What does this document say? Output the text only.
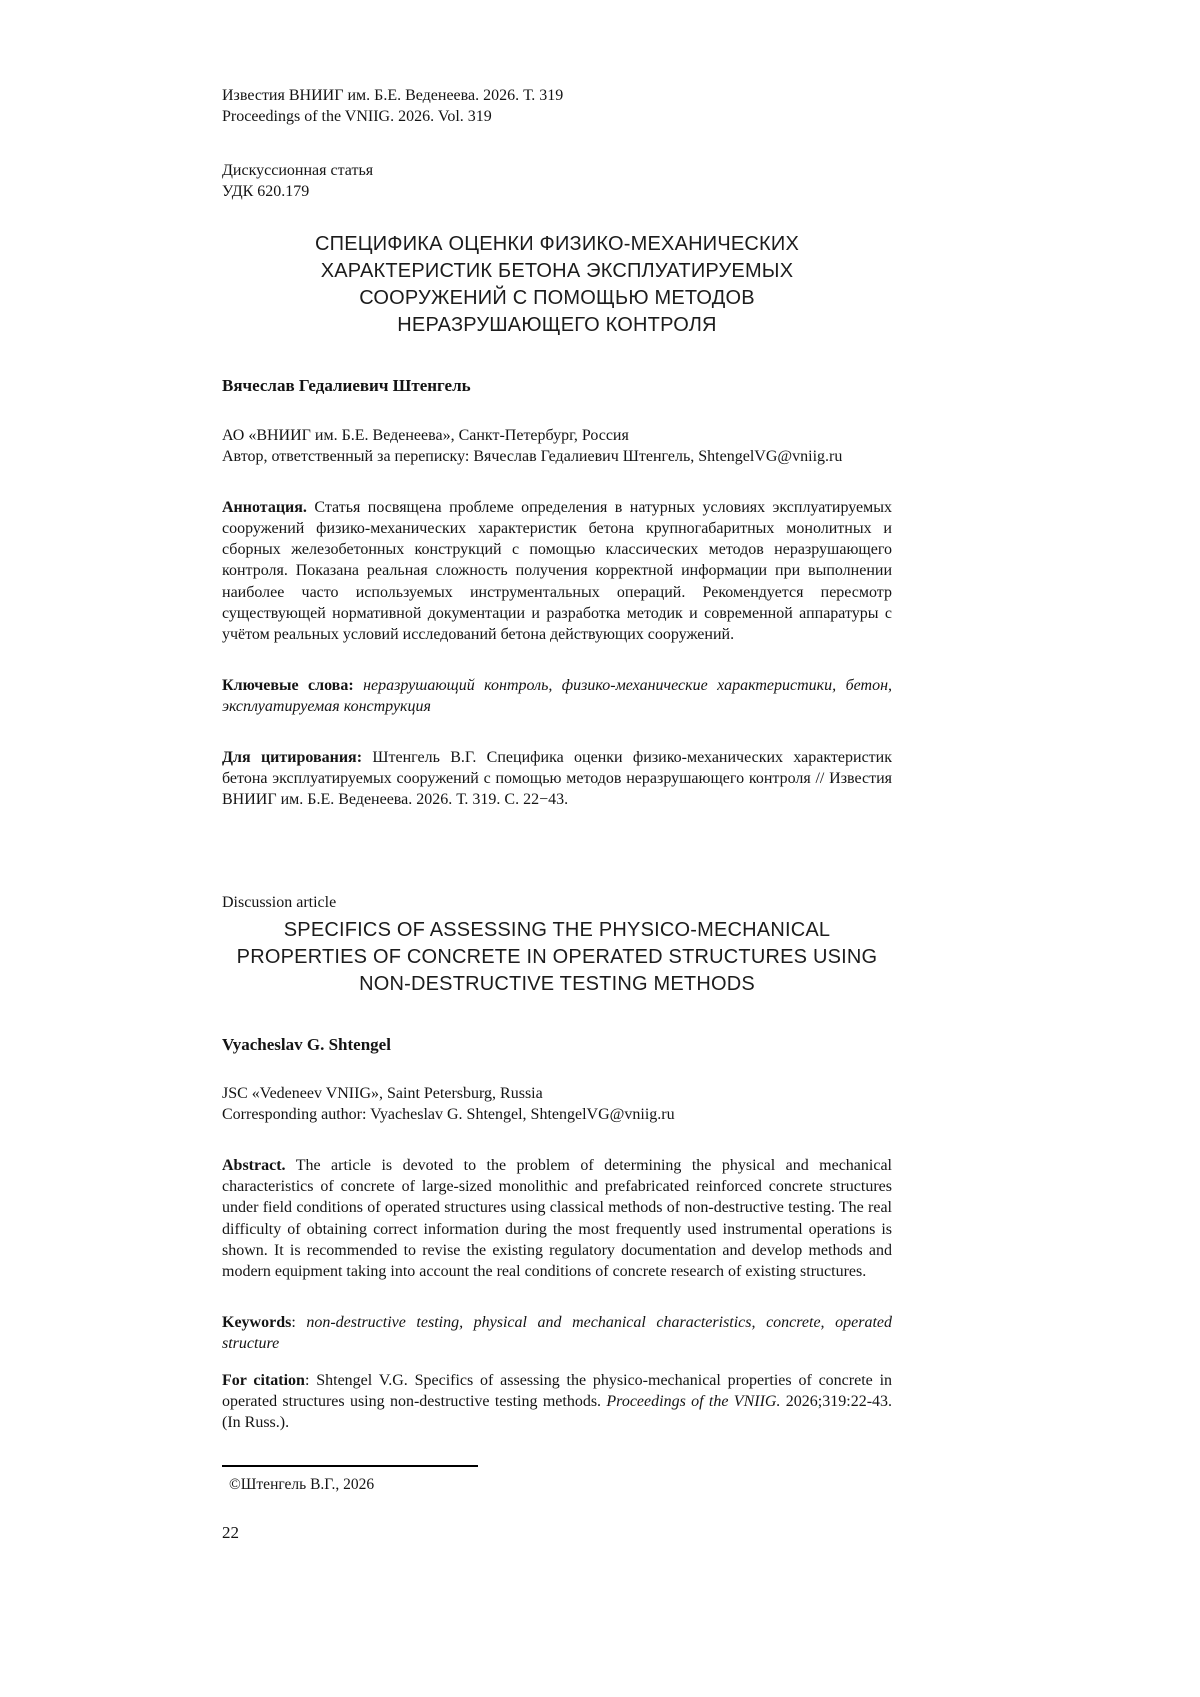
Известия ВНИИГ им. Б.Е. Веденеева. 2026. Т. 319
Proceedings of the VNIIG. 2026. Vol. 319
Дискуссионная статья
УДК 620.179
СПЕЦИФИКА ОЦЕНКИ ФИЗИКО-МЕХАНИЧЕСКИХ ХАРАКТЕРИСТИК БЕТОНА ЭКСПЛУАТИРУЕМЫХ СООРУЖЕНИЙ С ПОМОЩЬЮ МЕТОДОВ НЕРАЗРУШАЮЩЕГО КОНТРОЛЯ
Вячеслав Гедалиевич Штенгель
АО «ВНИИГ им. Б.Е. Веденеева», Санкт-Петербург, Россия
Автор, ответственный за переписку: Вячеслав Гедалиевич Штенгель, ShtengelVG@vniig.ru

Аннотация. Статья посвящена проблеме определения в натурных условиях эксплуатируемых сооружений физико-механических характеристик бетона крупногабаритных монолитных и сборных железобетонных конструкций с помощью классических методов неразрушающего контроля. Показана реальная сложность получения корректной информации при выполнении наиболее часто используемых инструментальных операций. Рекомендуется пересмотр существующей нормативной документации и разработка методик и современной аппаратуры с учётом реальных условий исследований бетона действующих сооружений.

Ключевые слова: неразрушающий контроль, физико-механические характеристики, бетон, эксплуатируемая конструкция

Для цитирования: Штенгель В.Г. Специфика оценки физико-механических характеристик бетона эксплуатируемых сооружений с помощью методов неразрушающего контроля // Известия ВНИИГ им. Б.Е. Веденеева. 2026. Т. 319. С. 22−43.

Discussion article
SPECIFICS OF ASSESSING THE PHYSICO-MECHANICAL PROPERTIES OF CONCRETE IN OPERATED STRUCTURES USING NON-DESTRUCTIVE TESTING METHODS
Vyacheslav G. Shtengel
JSC «Vedeneev VNIIG», Saint Petersburg, Russia
Corresponding author: Vyacheslav G. Shtengel, ShtengelVG@vniig.ru

Abstract. The article is devoted to the problem of determining the physical and mechanical characteristics of concrete of large-sized monolithic and prefabricated reinforced concrete structures under field conditions of operated structures using classical methods of non-destructive testing. The real difficulty of obtaining correct information during the most frequently used instrumental operations is shown. It is recommended to revise the existing regulatory documentation and develop methods and modern equipment taking into account the real conditions of concrete research of existing structures.

Keywords: non-destructive testing, physical and mechanical characteristics, concrete, operated structure

For citation: Shtengel V.G. Specifics of assessing the physico-mechanical properties of concrete in operated structures using non-destructive testing methods. Proceedings of the VNIIG. 2026;319:22-43. (In Russ.).

©Штенгель В.Г., 2026
22
